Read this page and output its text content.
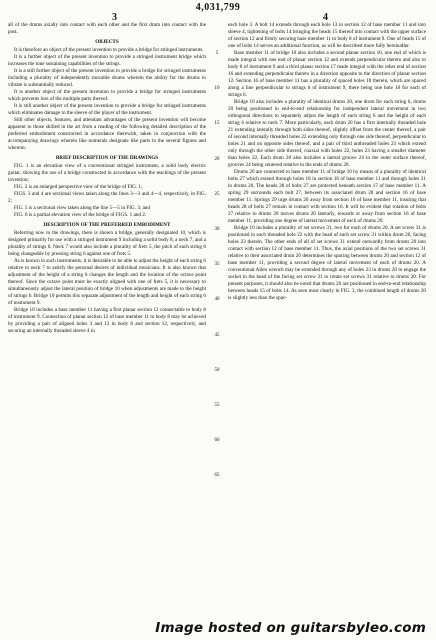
4,031,799
3	4

all of the drums axially into contact with each other and the first drum into contact with the post.

OBJECTS

It is therefore an object of the present invention to provide a bridge for stringed instruments.

It is a further object of the present invention to provide a stringed instrument bridge which increases the tone sustaining capabilities of the strings.

It is a still further object of the present invention to provide a bridge for stringed instruments including a plurality of independently movable drums wherein the ability for the drums to vibrate is substantially reduced.

It is another object of the present invention to provide a bridge for stringed instruments which prevents loss of the multiple parts thereof.

It is still another object of the present invention to provide a bridge for stringed instruments which eliminates damage to the sleeve of the player of the instrument.

Still other objects, features, and attendant advantages of the present invention will become apparent to those skilled in the art from a reading of the following detailed description of the preferred embodiment constructed in accordance therewith, taken in conjunction with the accompanying drawings wherein like numerals designate like parts in the several figures and wherein:

BRIEF DESCRIPTION OF THE DRAWINGS

FIG. 1 is an elevation view of a conventional stringed instrument, a solid body electric guitar, showing the use of a bridge constructed in accordance with the teachings of the present invention;

FIG. 2 is an enlarged perspective view of the bridge of FIG. 1;

FIGS. 3 and 4 are sectional views taken along the lines 3—3 and 4—4, respectively, in FIG. 2;

FIG. 5 is a sectional view taken along the line 5—5 in FIG. 3; and

FIG. 6 is a partial elevation view of the bridge of FIGS. 1 and 2.

DESCRIPTION OF THE PREFERRED EMBODIMENT

Referring now to the drawings, there is shown a bridge, generally designated 10, which is designed primarily for use with a stringed instrument 9 including a solid body 8, a neck 7, and a plurality of strings 6. Neck 7 would also include a plurality of frets 5, the pitch of each string 6 being changeable by pressing string 6 against one of frets 5.

As is known in such instruments, it is desirable to be able to adjust the height of each string 6 relative to neck 7 to satisfy the personal desires of individual musicians. It is also known that adjustment of the height of a string 6 changes the length and the location of the octave point thereof. Since the octave point must be exactly aligned with one of frets 5, it is necessary to simultaneously adjust the lateral position of bridge 10 when adjustments are made to the height of strings 6. Bridge 10 permits this separate adjustment of the length and height of each string 6 of instrument 9.

Bridge 10 includes a base member 11 having a first planar section 12 connectable to body 8 of instrument 9. Connection of planar section 12 of base member 11 to body 8 may be achieved by providing a pair of aligned holes 3 and 13 in body 8 and section 12, respectively, and securing an internally threaded sleeve 4 in

5
10
15
20
25
30
35
40
45
50
55
60
65

each hole 3. A bolt 14 extends through each hole 13 in section 12 of base member 11 and into sleeve 4, tightening of bolts 14 bringing the heads 15 thereof into contact with the upper surface of section 12 and firmly securing base member 11 to body 8 of instrument 9. One of heads 15 of one of bolts 14 serves an additional function, as will be described more fully hereinafter.

Base member 11 of bridge 10 also includes a second planar section 16, one end of which is made integral with one end of planar section 12 and extends perpendicular thereto and also to body 8 of instrument 9 and a third planar section 17 made integral with the other end of section 16 and extending perpendicular thereto in a direction opposite to the direction of planar section 12. Section 16 of base member 11 has a plurality of spaced holes 18 therein, which are spaced along a line perpendicular to strings 6 of instrument 9, there being one hole 18 for each of strings 6.

Bridge 10 also includes a plurality of identical drums 20, one drum for each string 6, drums 20 being positioned in end-to-end relationship for independent lateral movement in two orthogonal directions to separately adjust the length of each string 6 and the height of each string 6 relative to neck 7. More particularly, each drum 20 has a first internally threaded hole 21 extending laterally through both sides thereof, slightly offset from the center thereof, a pair of second internally threaded holes 22 extending only through one side thereof, perpendicular to holes 21 and on opposite sides thereof, and a pair of third unthreaded holes 23 which extend only through the other side thereof, coaxial with holes 22, holes 23 having a smaller diameter than holes 22. Each drum 20 also includes a lateral groove 24 in the outer surface thereof, grooves 24 being centered relative to the ends of drums 20.

Drums 20 are connected to base member 11 of bridge 10 by means of a plurality of identical bolts 27 which extend through holes 18 in section 16 of base member 11 and through holes 21 in drums 20. The heads 28 of bolts 27 are protected beneath section 17 of base member 11. A spring 29 surrounds each bolt 27, between its associated drum 20 and section 16 of base member 11. Springs 29 urge drums 20 away from section 16 of base member 11, insuring that heads 28 of bolts 27 remain in contact with section 16. It will be evident that rotation of bolts 27 relative to drums 20 moves drums 20 laterally, towards or away from section 16 of base member 11, providing one degree of lateral movement of each of drums 20.

Bridge 10 includes a plurality of set screws 31, two for each of drums 20. A set screw 31 is positioned in each threaded hole 22 with the head of each set screw 31 within drum 20, facing holes 23 therein. The other ends of all of set screws 31 extend outwardly from drums 20 into contact with section 12 of base member 11. Thus, the axial positions of the two set screws 31 relative to their associated drum 20 determines the spacing between drums 20 and section 12 of base member 11, providing a second degree of lateral movement of each of drums 20. A conventional Allen wrench may be extended through any of holes 23 in drums 20 to engage the socket in the head of the facing set screw 31 to rotate set screws 31 relative to drums 20. For present purposes, it should also be noted that drums 20 are positioned in end-to-end relationship between heads 15 of bolts 14. As seen most clearly in FIG. 3, the combined length of drums 20 is slightly less than the spac-

Image hosted on guitarsbyleo.com
